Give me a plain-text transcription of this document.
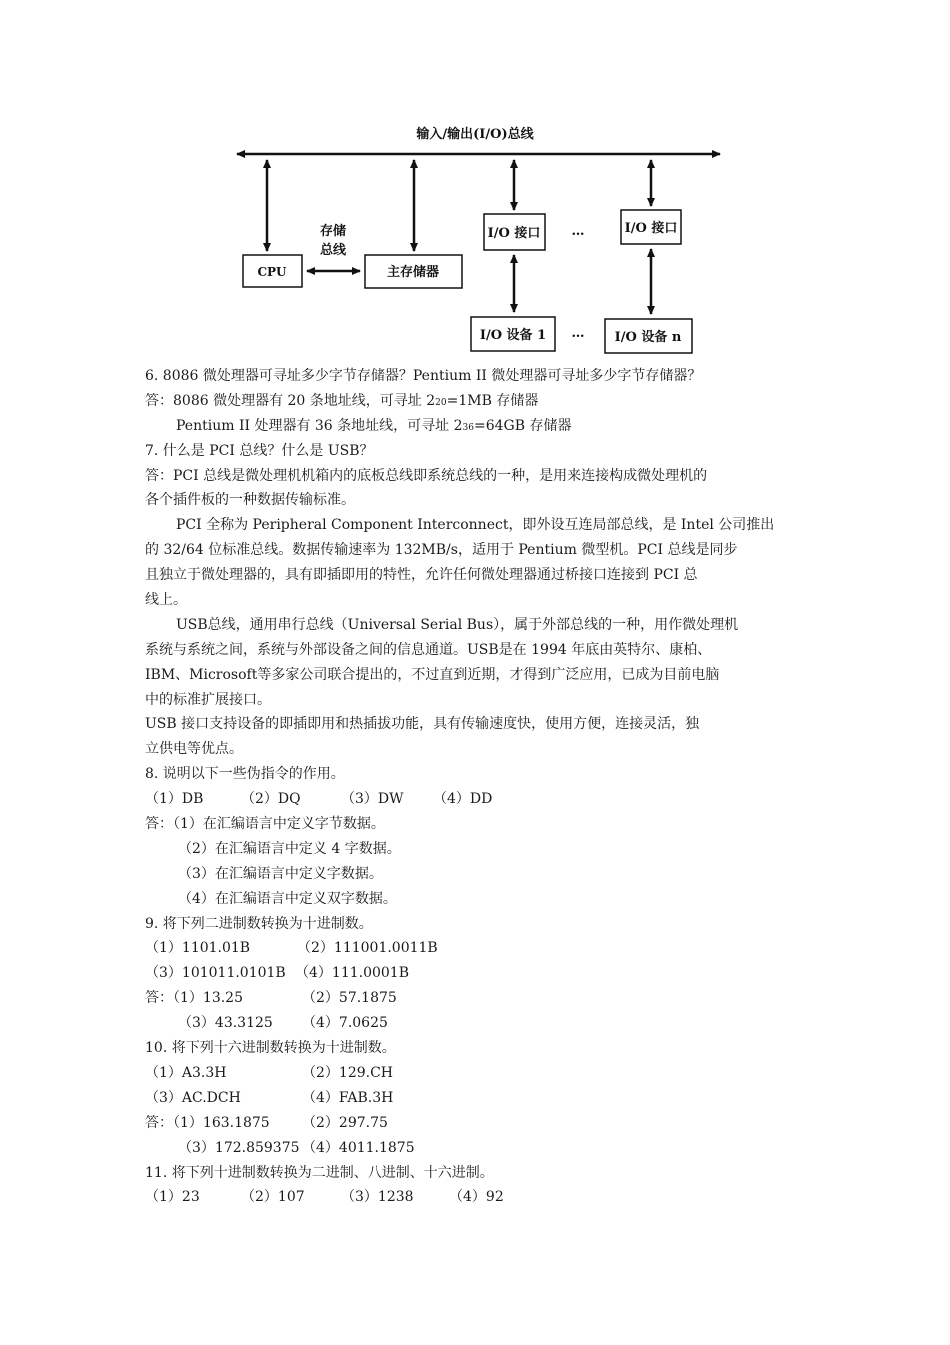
输入/输出(I/O)总线
CPU
存储
总线
主存储器
I/O 接口 …	I/O 接口
I/O 设备 1 … I/O 设备 n
6. 8086 微处理器可寻址多少字节存储器？Pentium II 微处理器可寻址多少字节存储器？
答：8086 微处理器有 20 条地址线，可寻址 220=1MB 存储器
Pentium II 处理器有 36 条地址线，可寻址 236=64GB 存储器
7. 什么是 PCI 总线？什么是 USB？
答：PCI 总线是微处理机机箱内的底板总线即系统总线的一种，是用来连接构成微处理机的
各个插件板的一种数据传输标准。
PCI 全称为 Peripheral Component Interconnect，即外设互连局部总线，是 Intel 公司推出
的 32/64 位标准总线。数据传输速率为 132MB/s，适用于 Pentium 微型机。PCI 总线是同步
且独立于微处理器的，具有即插即用的特性，允许任何微处理器通过桥接口连接到 PCI 总
线上。
USB总线，通用串行总线（Universal Serial Bus），属于外部总线的一种，用作微处理机
系统与系统之间，系统与外部设备之间的信息通道。USB是在 1994 年底由英特尔、康柏、
IBM、Microsoft等多家公司联合提出的，不过直到近期，才得到广泛应用，已成为目前电脑
中的标准扩展接口。
USB 接口支持设备的即插即用和热插拔功能，具有传输速度快，使用方便，连接灵活，独
立供电等优点。
8. 说明以下一些伪指令的作用。
（1）DB	（2）DQ	（3）DW （4）DD
答：（1）在汇编语言中定义字节数据。
（2）在汇编语言中定义 4 字数据。
（3）在汇编语言中定义字数据。
（4）在汇编语言中定义双字数据。
9. 将下列二进制数转换为十进制数。
（1）1101.01B	（2）111001.0011B
（3）101011.0101B （4）111.0001B
答：（1）13.25	（2）57.1875
（3）43.3125 （4）7.0625
10. 将下列十六进制数转换为十进制数。
（1）A3.3H	（2）129.CH
（3）AC.DCH	（4）FAB.3H
答：（1）163.1875 （2）297.75
（3）172.859375 （4）4011.1875
11. 将下列十进制数转换为二进制、八进制、十六进制。
（1）23	（2）107	（3）1238	（4）92
